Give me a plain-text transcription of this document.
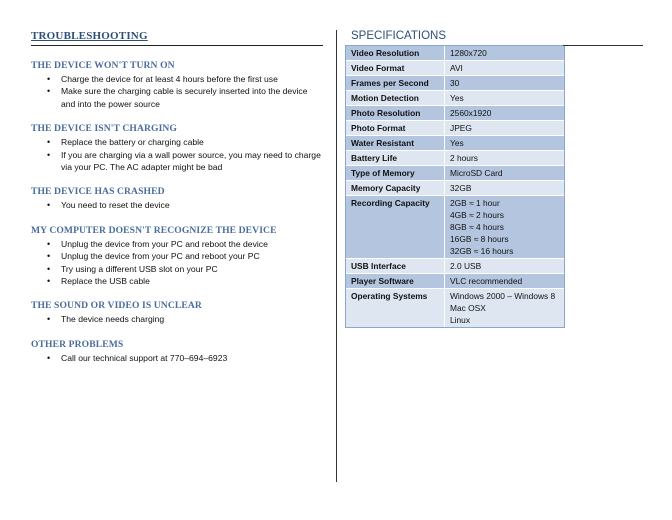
TROUBLESHOOTING
THE DEVICE WON'T TURN ON
• Charge the device for at least 4 hours before the first use
• Make sure the charging cable is securely inserted into the device and into the power source
THE DEVICE ISN'T CHARGING
• Replace the battery or charging cable
• If you are charging via a wall power source, you may need to charge via your PC. The AC adapter might be bad
THE DEVICE HAS CRASHED
• You need to reset the device
MY COMPUTER DOESN'T RECOGNIZE THE DEVICE
• Unplug the device from your PC and reboot the device
• Unplug the device from your PC and reboot your PC
• Try using a different USB slot on your PC
• Replace the USB cable
THE SOUND OR VIDEO IS UNCLEAR
• The device needs charging
OTHER PROBLEMS
• Call our technical support at 770–694–6923
SPECIFICATIONS
Video Resolution	1280x720
Video Format	AVI
Frames per Second	30
Motion Detection	Yes
Photo Resolution	2560x1920
Photo Format	JPEG
Water Resistant	Yes
Battery Life	2 hours
Type of Memory	MicroSD Card
Memory Capacity	32GB
Recording Capacity	2GB ≈ 1 hour
4GB ≈ 2 hours
8GB ≈ 4 hours
16GB ≈ 8 hours
32GB ≈ 16 hours
USB Interface	2.0 USB
Player Software	VLC recommended
Operating Systems	Windows 2000 – Windows 8
Mac OSX
Linux
